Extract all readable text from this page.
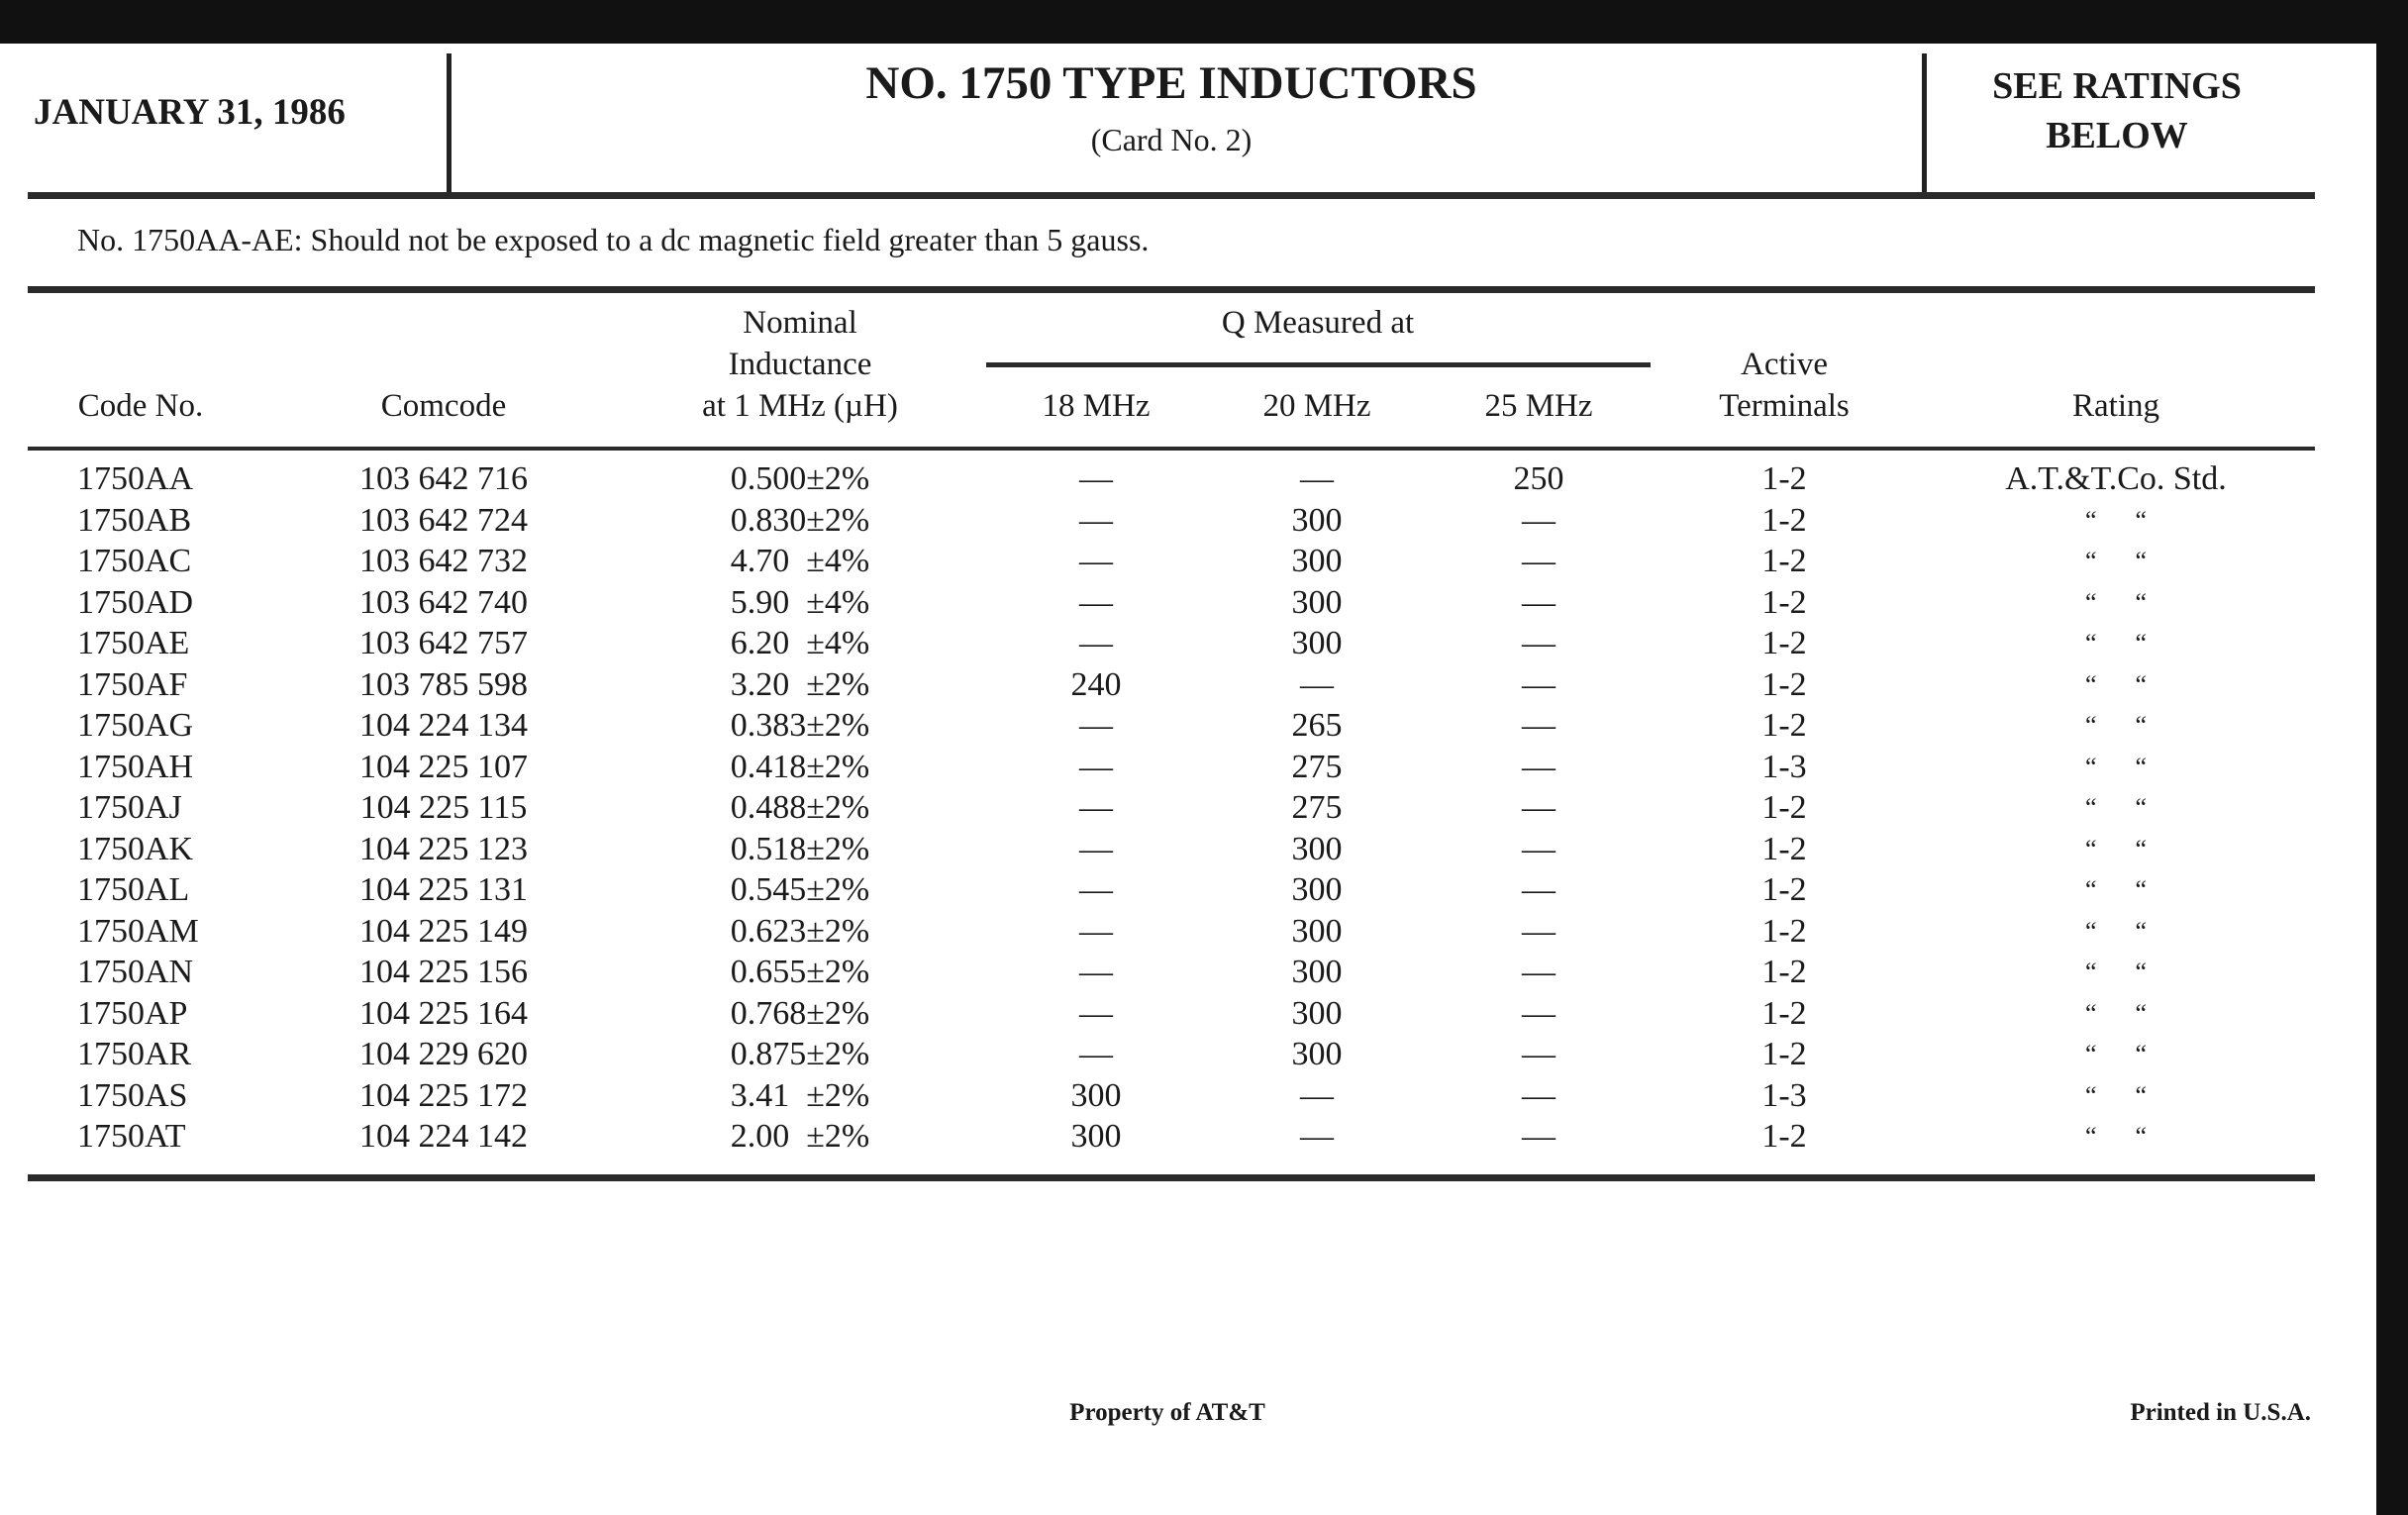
JANUARY 31, 1986
NO. 1750 TYPE INDUCTORS
(Card No. 2)
SEE RATINGS
BELOW
No. 1750AA-AE: Should not be exposed to a dc magnetic field greater than 5 gauss.
Code No.	Comcode
Nominal
Inductance
at 1 MHz (µH)
Q Measured at
18 MHz	20 MHz	25 MHz
Active
Terminals	Rating
1750AA	103 642 716	0.500±2%	—	—	250	1-2	A.T.&T.Co. Std.
1750AB	103 642 724	0.830±2%	—	300	—	1-2	“      “
1750AC	103 642 732	4.70  ±4%	—	300	—	1-2	“      “
1750AD	103 642 740	5.90  ±4%	—	300	—	1-2	“      “
1750AE	103 642 757	6.20  ±4%	—	300	—	1-2	“      “
1750AF	103 785 598	3.20  ±2%	240	—	—	1-2	“      “
1750AG	104 224 134	0.383±2%	—	265	—	1-2	“      “
1750AH	104 225 107	0.418±2%	—	275	—	1-3	“      “
1750AJ	104 225 115	0.488±2%	—	275	—	1-2	“      “
1750AK	104 225 123	0.518±2%	—	300	—	1-2	“      “
1750AL	104 225 131	0.545±2%	—	300	—	1-2	“      “
1750AM	104 225 149	0.623±2%	—	300	—	1-2	“      “
1750AN	104 225 156	0.655±2%	—	300	—	1-2	“      “
1750AP	104 225 164	0.768±2%	—	300	—	1-2	“      “
1750AR	104 229 620	0.875±2%	—	300	—	1-2	“      “
1750AS	104 225 172	3.41  ±2%	300	—	—	1-3	“      “
1750AT	104 224 142	2.00  ±2%	300	—	—	1-2	“      “
Property of AT&T	Printed in U.S.A.
